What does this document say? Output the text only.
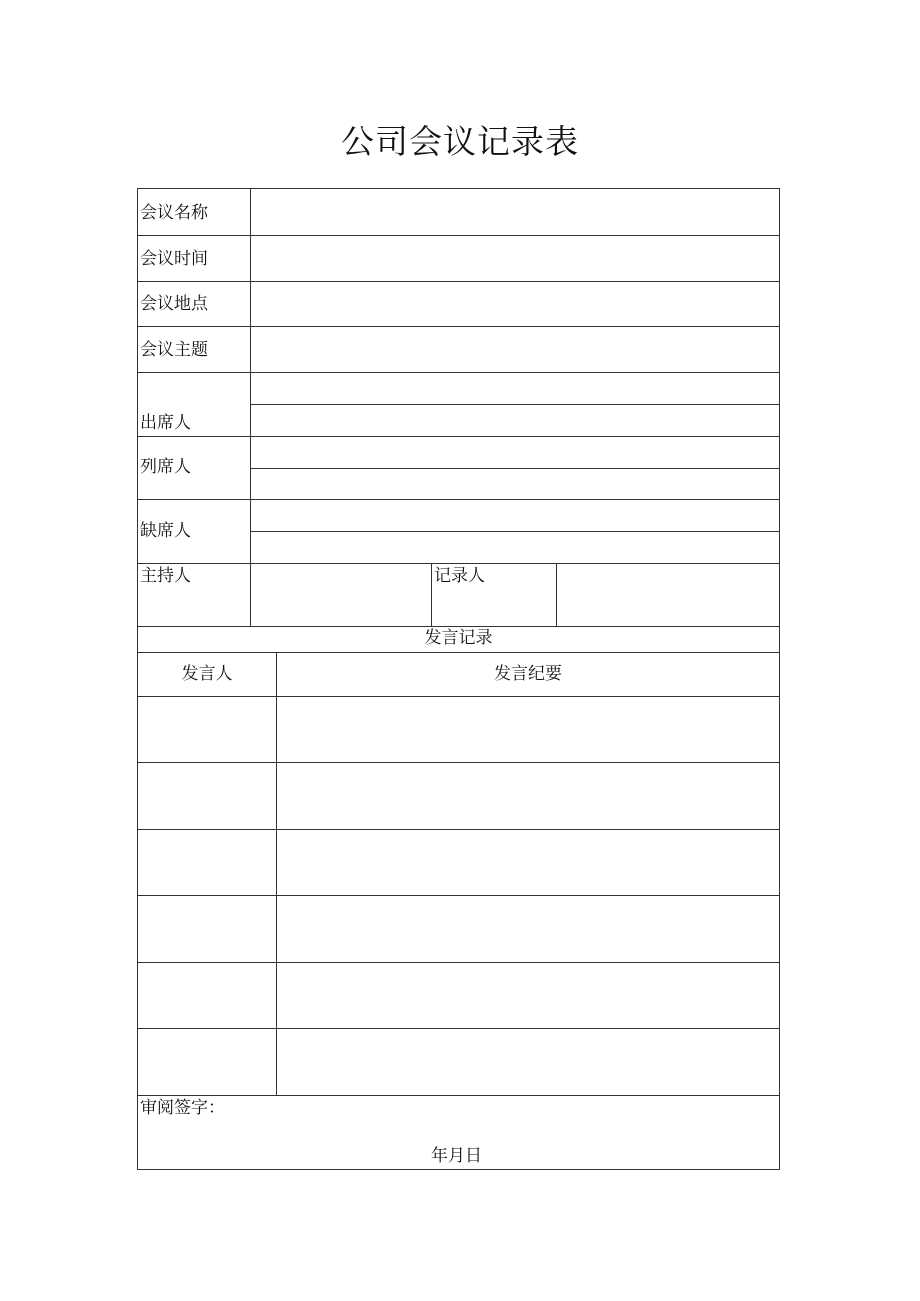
公司会议记录表
会议名称
会议时间
会议地点
会议主题
出席人
列席人
缺席人
主持人	记录人
发言记录
发言人	发言纪要
审阅签字：
年月日
